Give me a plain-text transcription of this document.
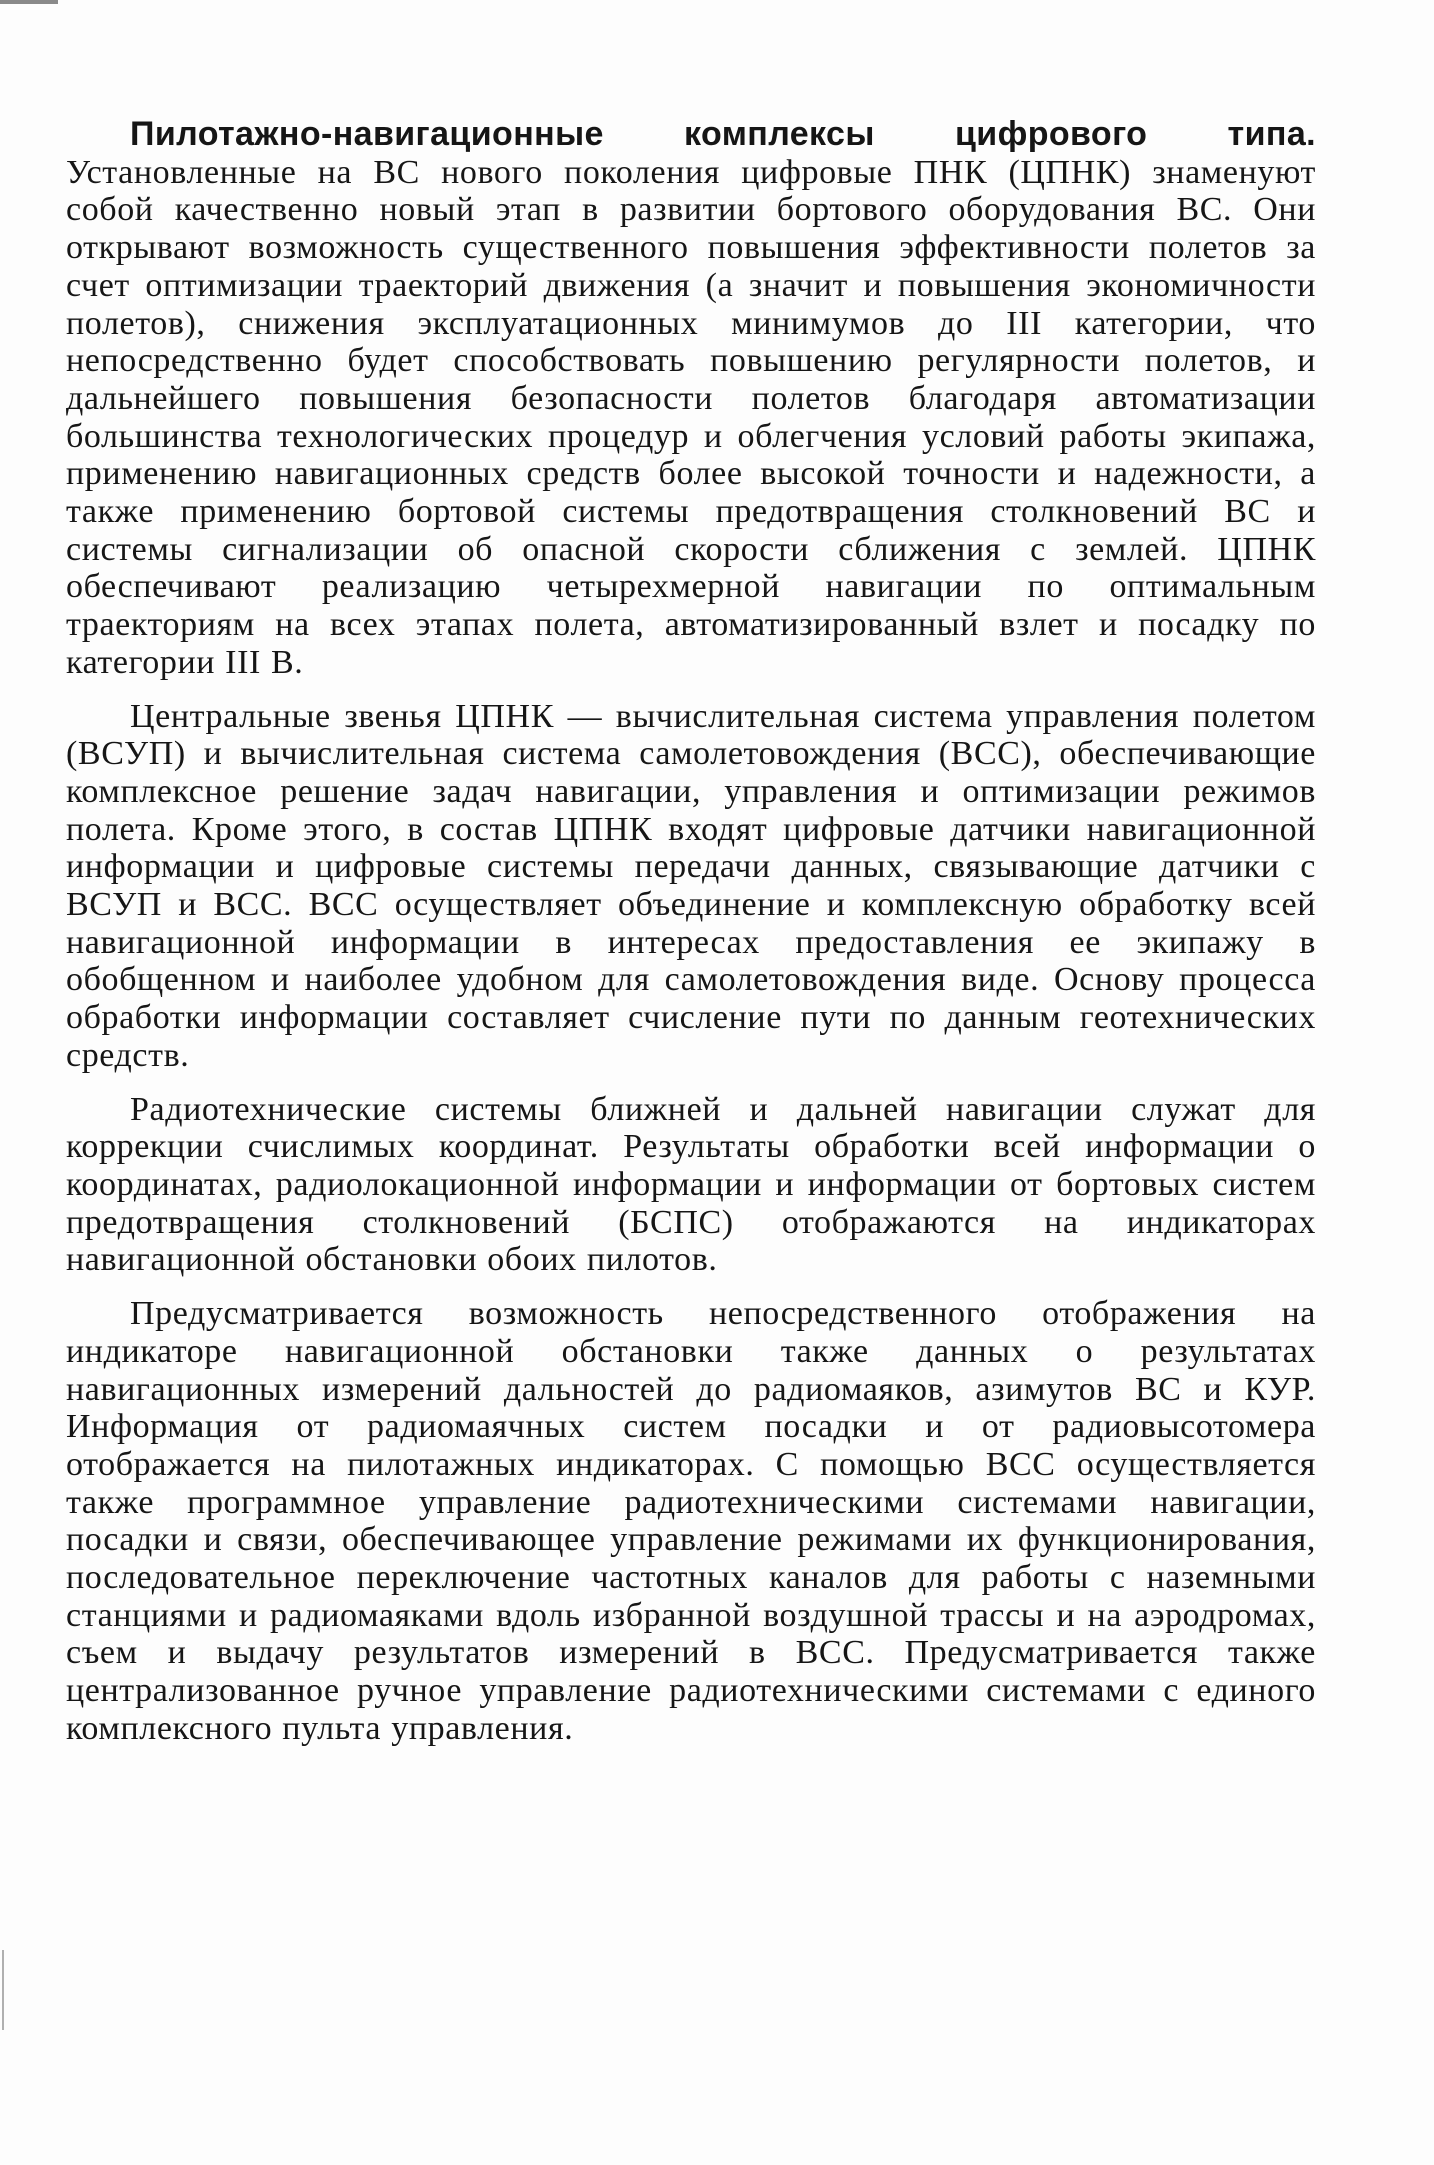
Пилотажно-навигационные комплексы цифрового типа. Установленные на ВС нового поколения цифровые ПНК (ЦПНК) знаменуют собой качественно новый этап в развитии бортового оборудования ВС. Они открывают возможность существенного повышения эффективности полетов за счет оптимизации траекторий движения (а значит и повышения экономичности полетов), снижения эксплуатационных минимумов до III категории, что непосредственно будет способствовать повышению регулярности полетов, и дальнейшего повышения безопасности полетов благодаря автоматизации большинства технологических процедур и облегчения условий работы экипажа, применению навигационных средств более высокой точности и надежности, а также применению бортовой системы предотвращения столкновений ВС и системы сигнализации об опасной скорости сближения с землей. ЦПНК обеспечивают реализацию четырехмерной навигации по оптимальным траекториям на всех этапах полета, автоматизированный взлет и посадку по категории III В.

Центральные звенья ЦПНК — вычислительная система управления полетом (ВСУП) и вычислительная система самолетовождения (ВСС), обеспечивающие комплексное решение задач навигации, управления и оптимизации режимов полета. Кроме этого, в состав ЦПНК входят цифровые датчики навигационной информации и цифровые системы передачи данных, связывающие датчики с ВСУП и ВСС. ВСС осуществляет объединение и комплексную обработку всей навигационной информации в интересах предоставления ее экипажу в обобщенном и наиболее удобном для самолетовождения виде. Основу процесса обработки информации составляет счисление пути по данным геотехнических средств.

Радиотехнические системы ближней и дальней навигации служат для коррекции счислимых координат. Результаты обработки всей информации о координатах, радиолокационной информации и информации от бортовых систем предотвращения столкновений (БСПС) отображаются на индикаторах навигационной обстановки обоих пилотов.

Предусматривается возможность непосредственного отображения на индикаторе навигационной обстановки также данных о результатах навигационных измерений дальностей до радиомаяков, азимутов ВС и КУР. Информация от радиомаячных систем посадки и от радиовысотомера отображается на пилотажных индикаторах. С помощью ВСС осуществляется также программное управление радиотехническими системами навигации, посадки и связи, обеспечивающее управление режимами их функционирования, последовательное переключение частотных каналов для работы с наземными станциями и радиомаяками вдоль избранной воздушной трассы и на аэродромах, съем и выдачу результатов измерений в ВСС. Предусматривается также централизованное ручное управление радиотехническими системами с единого комплексного пульта управления.
